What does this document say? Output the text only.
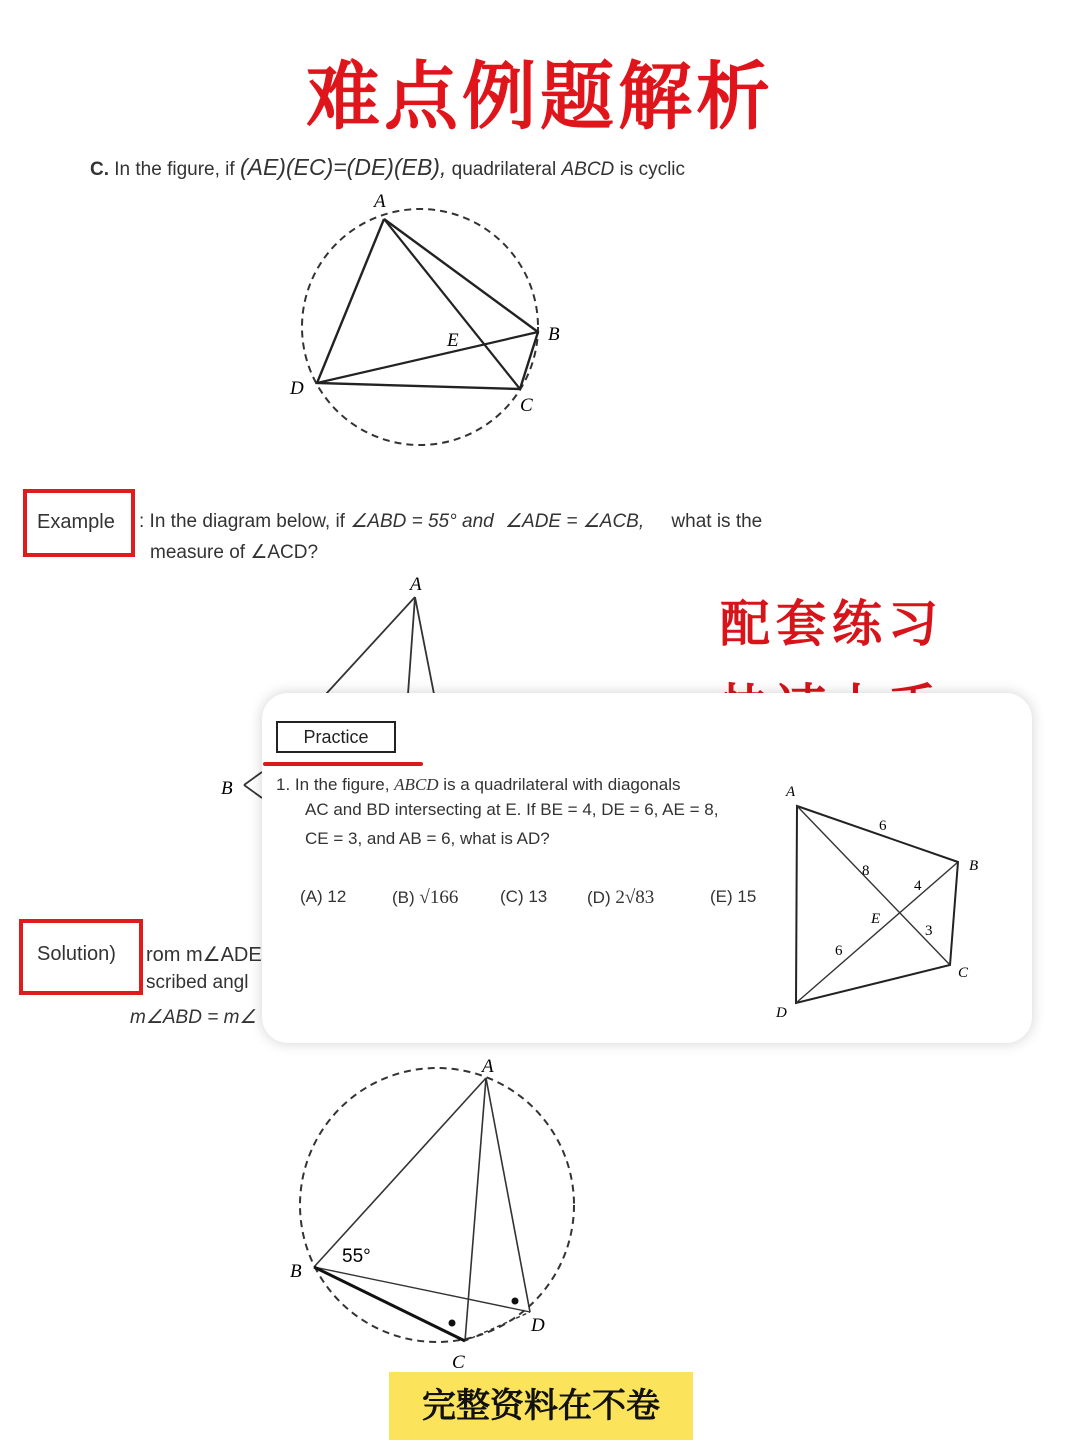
难点例题解析
C. In the figure, if (AE)(EC)=(DE)(EB), quadrilateral ABCD is cyclic
A
B
C
D
E
Example : In the diagram below, if ∠ABD = 55° and ∠ADE = ∠ACB, what is the
measure of ∠ACD?
A
B
Solution) rom m∠ADE
scribed angl
m∠ABD = m∠
配套练习
Practice
1. In the figure, ABCD is a quadrilateral with diagonals
AC and BD intersecting at E. If BE = 4, DE = 6, AE = 8,
CE = 3, and AB = 6, what is AD?
(A) 12	(B) √166 (C) 13 (D) 2√83	(E) 15
A
B
C
D
E
6
8
4
3
6
A
B
C
D
55°
完整资料在不卷
